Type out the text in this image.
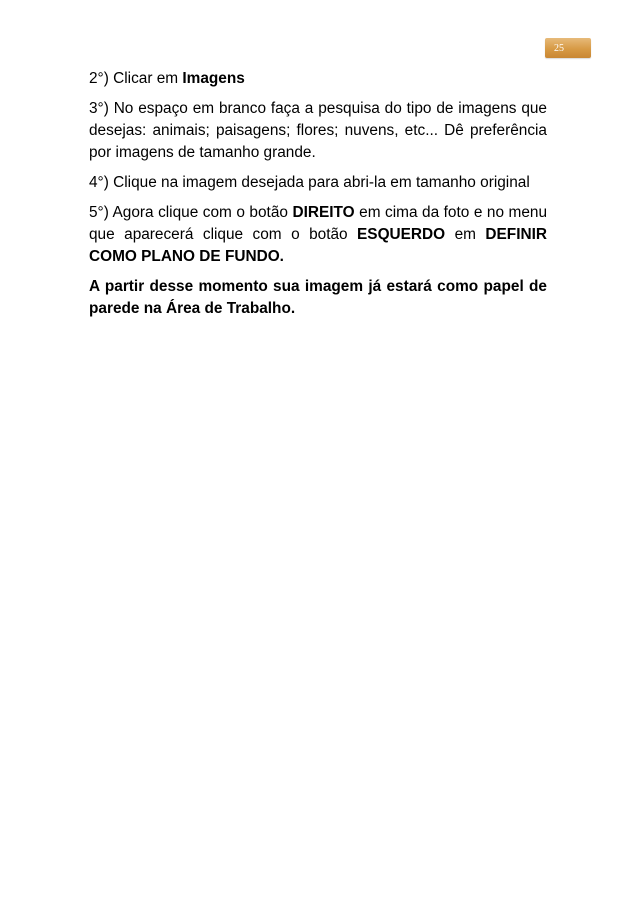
25

2°) Clicar em Imagens

3°) No espaço em branco faça a pesquisa do tipo de imagens que desejas: animais; paisagens; flores; nuvens, etc... Dê preferência por imagens de tamanho grande.

4°) Clique na imagem desejada para abri-la em tamanho original

5°) Agora clique com o botão DIREITO em cima da foto e no menu que aparecerá clique com o botão ESQUERDO em DEFINIR COMO PLANO DE FUNDO.

A partir desse momento sua imagem já estará como papel de parede na Área de Trabalho.
